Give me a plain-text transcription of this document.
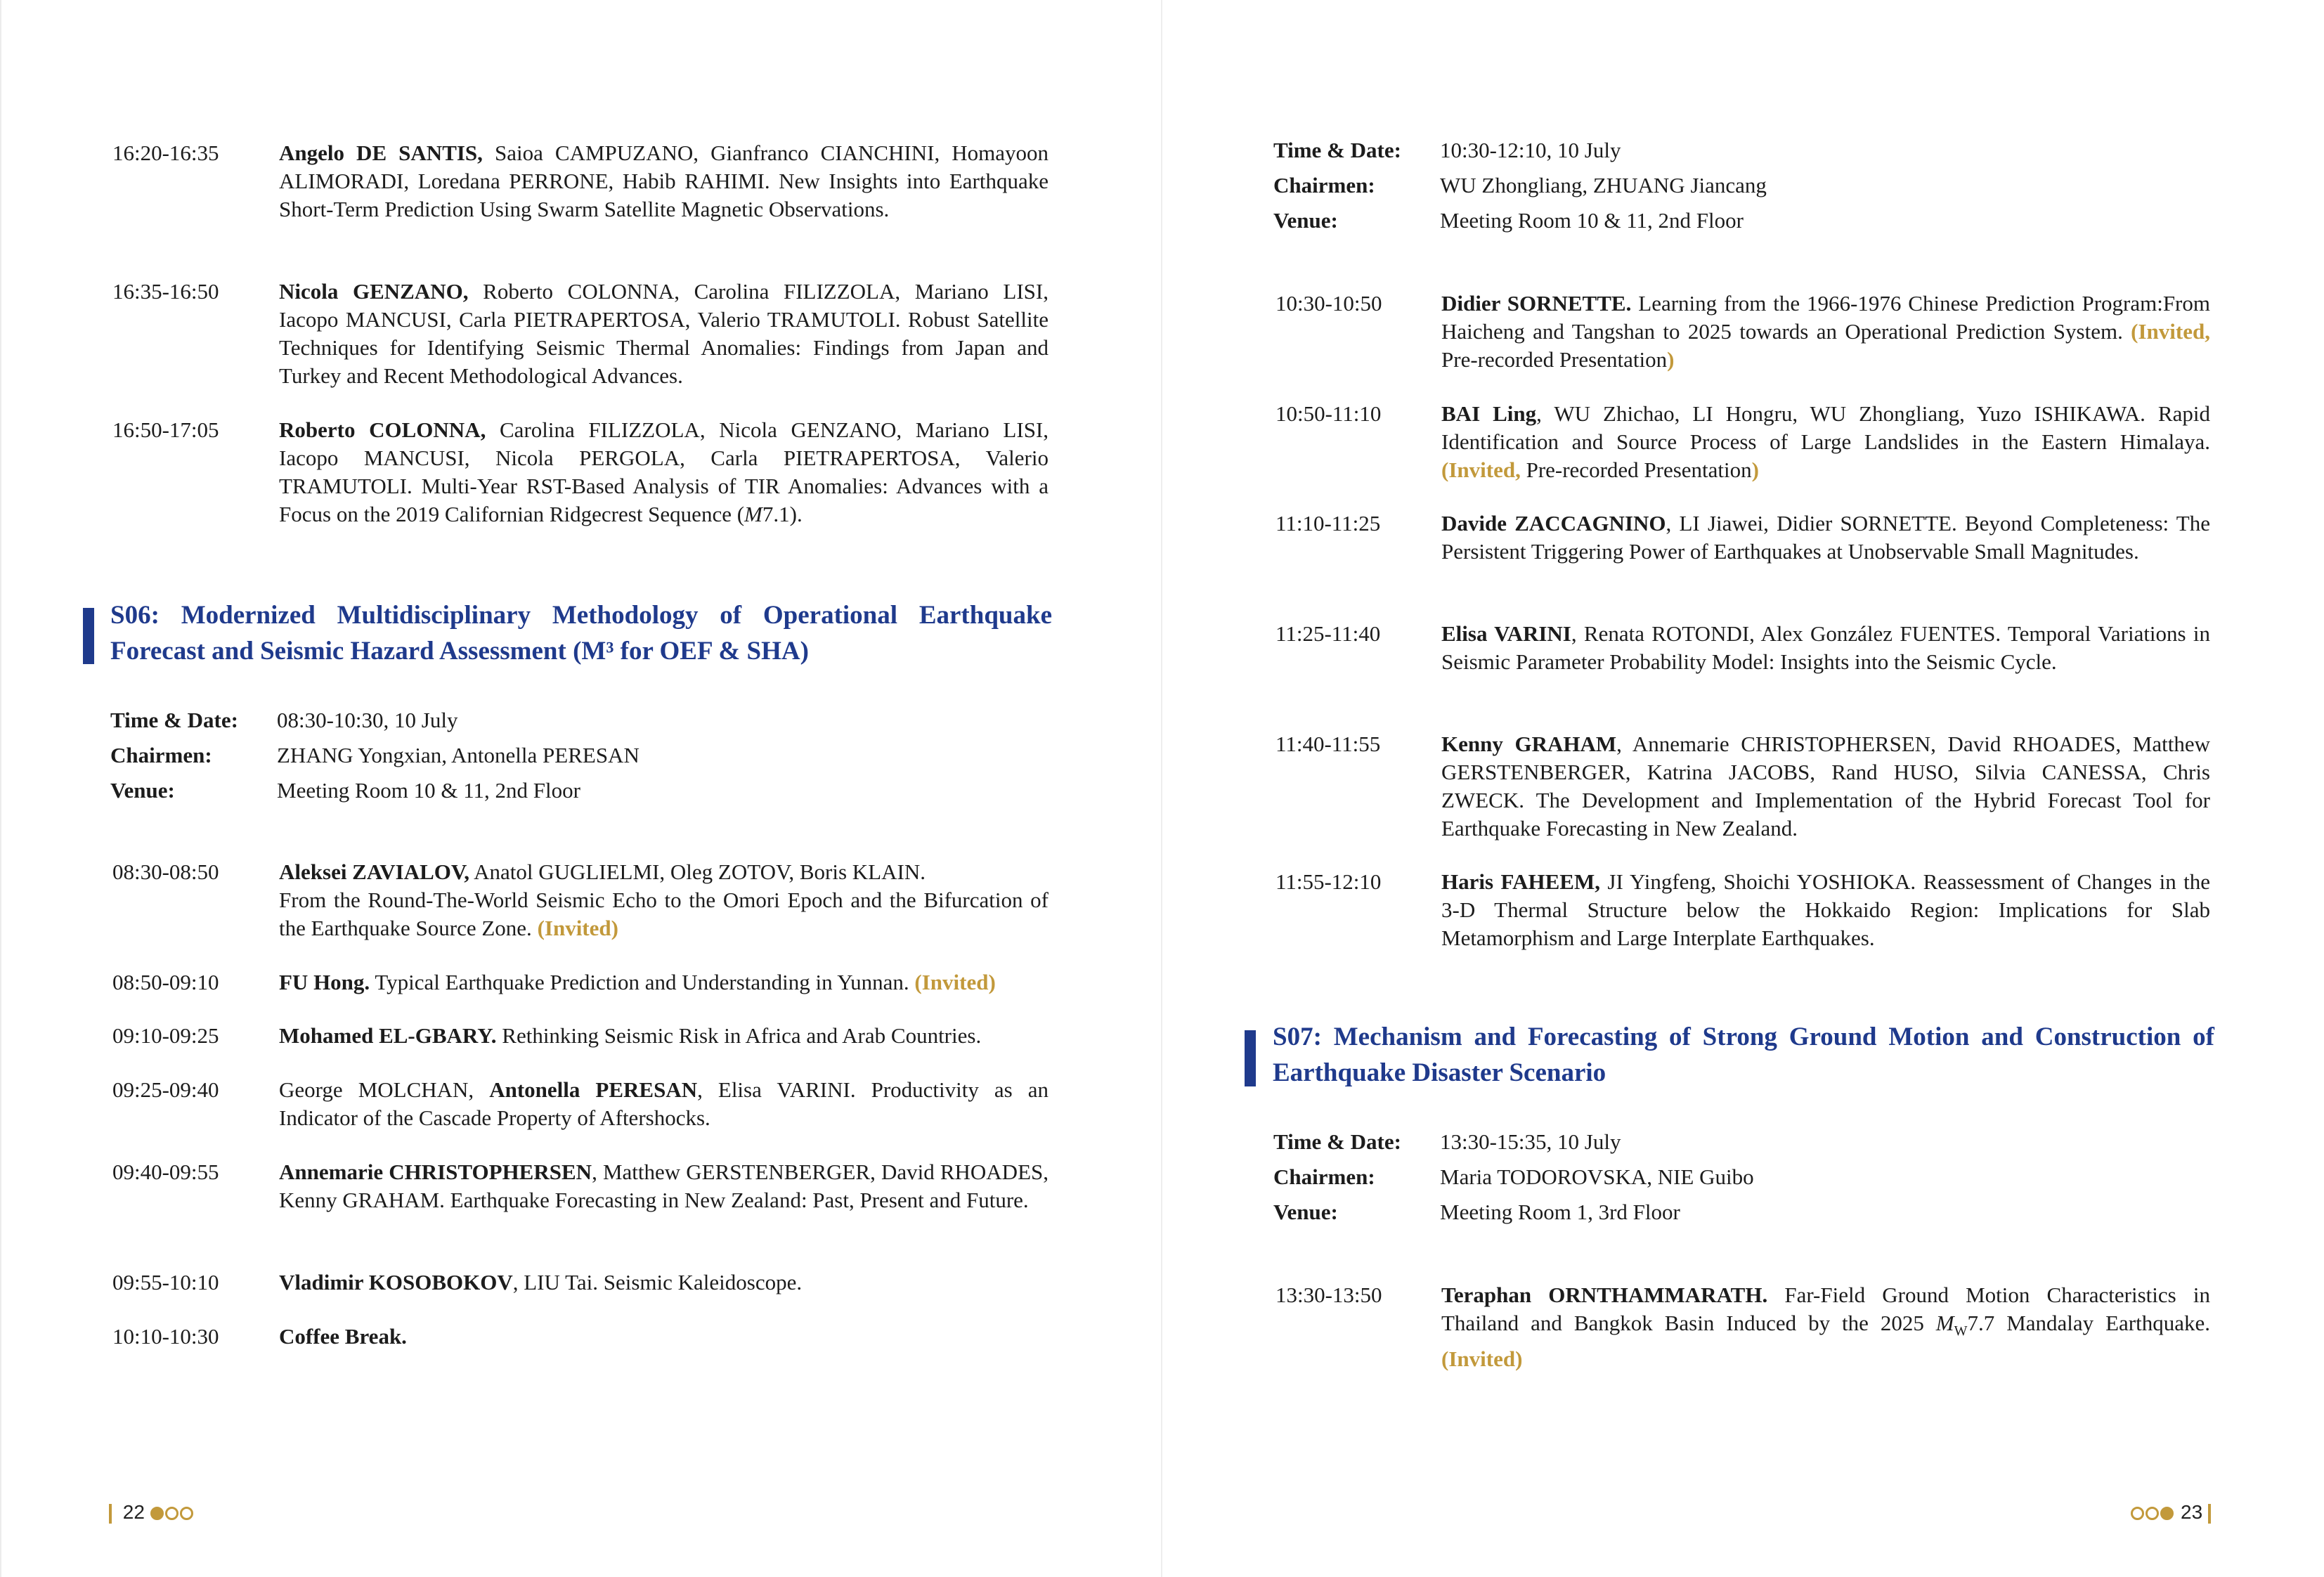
16:20-16:35	Angelo DE SANTIS, Saioa CAMPUZANO, Gianfranco CIANCHINI, Homayoon ALIMORADI, Loredana PERRONE, Habib RAHIMI. New Insights into Earthquake Short-Term Prediction Using Swarm Satellite Magnetic Observations.
16:35-16:50	Nicola GENZANO, Roberto COLONNA, Carolina FILIZZOLA, Mariano LISI, Iacopo MANCUSI, Carla PIETRAPERTOSA, Valerio TRAMUTOLI. Robust Satellite Techniques for Identifying Seismic Thermal Anomalies: Findings from Japan and Turkey and Recent Methodological Advances.
16:50-17:05	Roberto COLONNA, Carolina FILIZZOLA, Nicola GENZANO, Mariano LISI, Iacopo MANCUSI, Nicola PERGOLA, Carla PIETRAPERTOSA, Valerio TRAMUTOLI. Multi-Year RST-Based Analysis of TIR Anomalies: Advances with a Focus on the 2019 Californian Ridgecrest Sequence (M7.1).
S06: Modernized Multidisciplinary Methodology of Operational Earthquake Forecast and Seismic Hazard Assessment (M³ for OEF & SHA)
Time & Date: 08:30-10:30, 10 July
Chairmen:	ZHANG Yongxian, Antonella PERESAN
Venue:	Meeting Room 10 & 11, 2nd Floor
08:30-08:50	Aleksei ZAVIALOV, Anatol GUGLIELMI, Oleg ZOTOV, Boris KLAIN.
From the Round-The-World Seismic Echo to the Omori Epoch and the Bifurcation of the Earthquake Source Zone. (Invited)
08:50-09:10	FU Hong. Typical Earthquake Prediction and Understanding in Yunnan. (Invited)
09:10-09:25	Mohamed EL-GBARY. Rethinking Seismic Risk in Africa and Arab Countries.
09:25-09:40	George MOLCHAN, Antonella PERESAN, Elisa VARINI. Productivity as an Indicator of the Cascade Property of Aftershocks.
09:40-09:55	Annemarie CHRISTOPHERSEN, Matthew GERSTENBERGER, David RHOADES, Kenny GRAHAM. Earthquake Forecasting in New Zealand: Past, Present and Future.
09:55-10:10	Vladimir KOSOBOKOV, LIU Tai. Seismic Kaleidoscope.
10:10-10:30	Coffee Break.
22
Time & Date: 10:30-12:10, 10 July
Chairmen:	WU Zhongliang, ZHUANG Jiancang
Venue:	Meeting Room 10 & 11, 2nd Floor
10:30-10:50	Didier SORNETTE. Learning from the 1966-1976 Chinese Prediction Program:From Haicheng and Tangshan to 2025 towards an Operational Prediction System. (Invited, Pre-recorded Presentation)
10:50-11:10	BAI Ling, WU Zhichao, LI Hongru, WU Zhongliang, Yuzo ISHIKAWA. Rapid Identification and Source Process of Large Landslides in the Eastern Himalaya. (Invited, Pre-recorded Presentation)
11:10-11:25	Davide ZACCAGNINO, LI Jiawei, Didier SORNETTE. Beyond Completeness: The Persistent Triggering Power of Earthquakes at Unobservable Small Magnitudes.
11:25-11:40	Elisa VARINI, Renata ROTONDI, Alex González FUENTES. Temporal Variations in Seismic Parameter Probability Model: Insights into the Seismic Cycle.
11:40-11:55	Kenny GRAHAM, Annemarie CHRISTOPHERSEN, David RHOADES, Matthew GERSTENBERGER, Katrina JACOBS, Rand HUSO, Silvia CANESSA, Chris ZWECK. The Development and Implementation of the Hybrid Forecast Tool for Earthquake Forecasting in New Zealand.
11:55-12:10	Haris FAHEEM, JI Yingfeng, Shoichi YOSHIOKA. Reassessment of Changes in the 3-D Thermal Structure below the Hokkaido Region: Implications for Slab Metamorphism and Large Interplate Earthquakes.
S07: Mechanism and Forecasting of Strong Ground Motion and Construction of Earthquake Disaster Scenario
Time & Date: 13:30-15:35, 10 July
Chairmen:	Maria TODOROVSKA, NIE Guibo
Venue:	Meeting Room 1, 3rd Floor
13:30-13:50	Teraphan ORNTHAMMARATH. Far-Field Ground Motion Characteristics in Thailand and Bangkok Basin Induced by the 2025 $M_W7.7$ Mandalay Earthquake. (Invited)
23
